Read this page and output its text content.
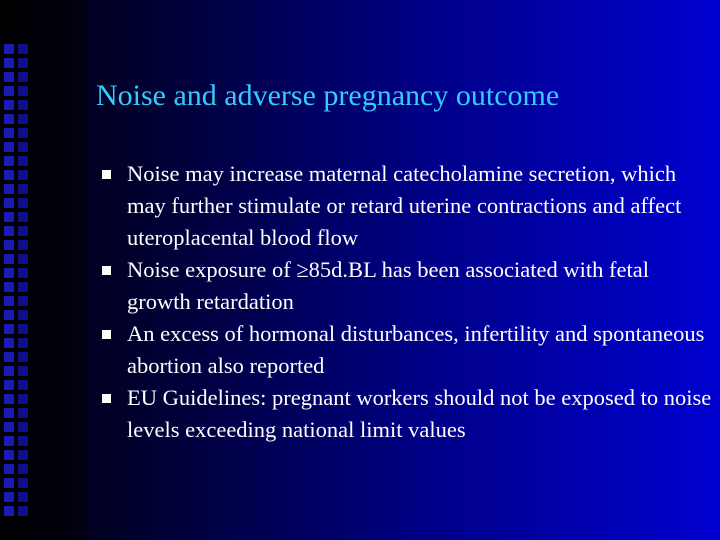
Noise and adverse pregnancy outcome
Noise may increase maternal catecholamine secretion, which may further stimulate or retard uterine contractions and affect uteroplacental blood flow
Noise exposure of ≥85d.BL has been associated with fetal growth retardation
An excess of hormonal disturbances, infertility and spontaneous abortion also reported
EU Guidelines: pregnant workers should not be exposed to noise levels exceeding national limit values
